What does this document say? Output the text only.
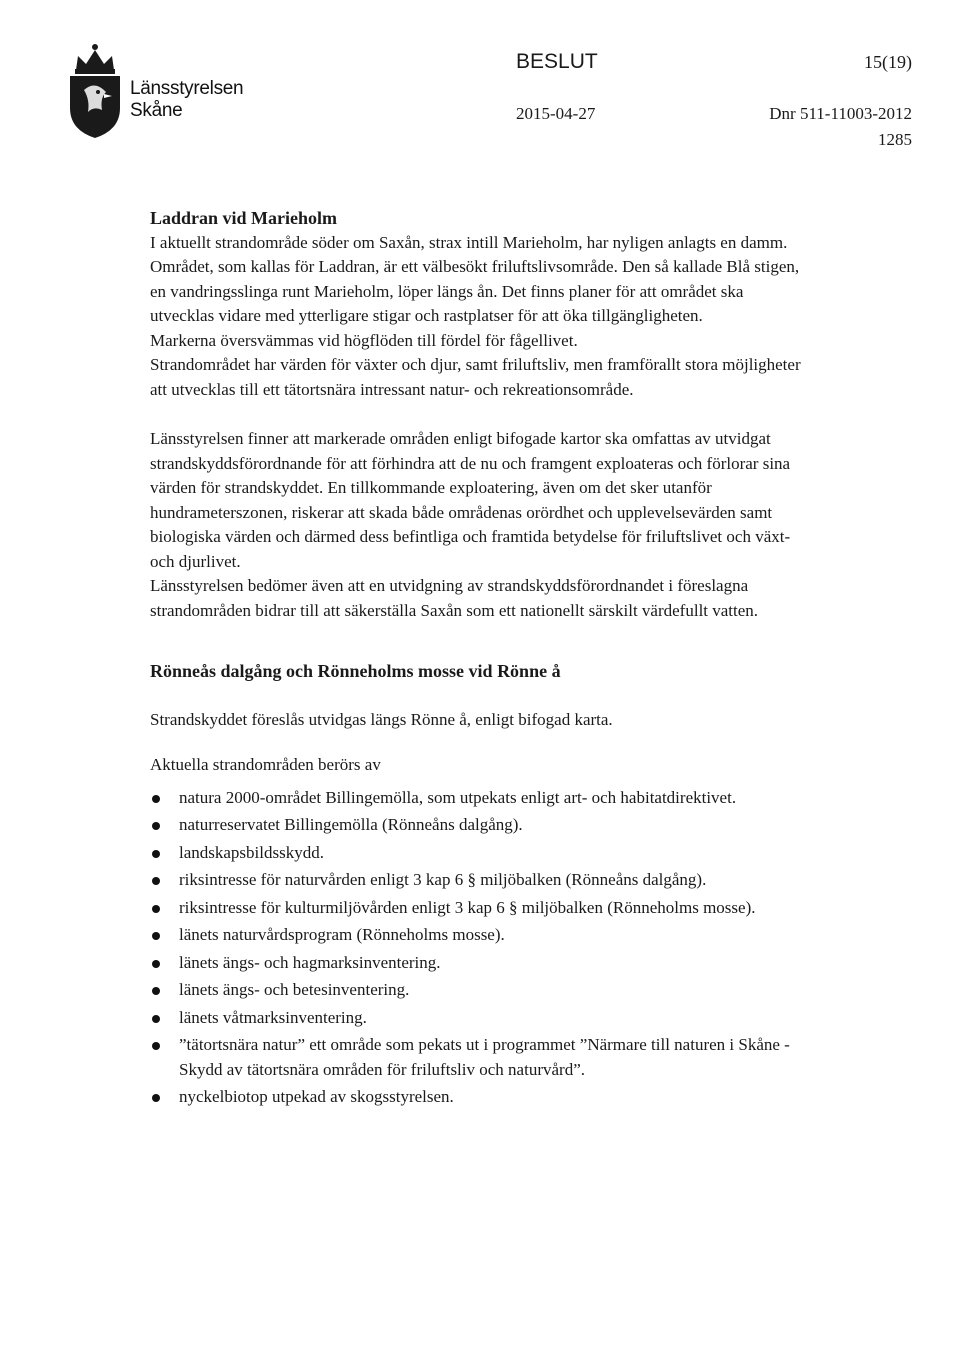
Länsstyrelsen
Skåne
BESLUT	15(19)
2015-04-27	Dnr 511-11003-2012
1285

Laddran vid Marieholm

I aktuellt strandområde söder om Saxån, strax intill Marieholm, har nyligen anlagts en damm. Området, som kallas för Laddran, är ett välbesökt friluftslivsområde. Den så kallade Blå stigen, en vandringsslinga runt Marieholm, löper längs ån. Det finns planer för att området ska utvecklas vidare med ytterligare stigar och rastplatser för att öka tillgängligheten.

Markerna översvämmas vid högflöden till fördel för fågellivet.

Strandområdet har värden för växter och djur, samt friluftsliv, men framförallt stora möjligheter att utvecklas till ett tätortsnära intressant natur- och rekreationsområde.

Länsstyrelsen finner att markerade områden enligt bifogade kartor ska omfattas av utvidgat strandskyddsförordnande för att förhindra att de nu och framgent exploateras och förlorar sina värden för strandskyddet. En tillkommande exploatering, även om det sker utanför hundrameterszonen, riskerar att skada både områdenas orördhet och upplevelsevärden samt biologiska värden och därmed dess befintliga och framtida betydelse för friluftslivet och växt- och djurlivet.

Länsstyrelsen bedömer även att en utvidgning av strandskyddsförordnandet i föreslagna strandområden bidrar till att säkerställa Saxån som ett nationellt särskilt värdefullt vatten.

Rönneås dalgång och Rönneholms mosse vid Rönne å

Strandskyddet föreslås utvidgas längs Rönne å, enligt bifogad karta.

Aktuella strandområden berörs av

natura 2000-området Billingemölla, som utpekats enligt art- och habitatdirektivet.
naturreservatet Billingemölla (Rönneåns dalgång).
landskapsbildsskydd.
riksintresse för naturvården enligt 3 kap 6 § miljöbalken (Rönneåns dalgång).
riksintresse för kulturmiljövården enligt 3 kap 6 § miljöbalken (Rönneholms mosse).
länets naturvårdsprogram (Rönneholms mosse).
länets ängs- och hagmarksinventering.
länets ängs- och betesinventering.
länets våtmarksinventering.
”tätortsnära natur” ett område som pekats ut i programmet ”Närmare till naturen i Skåne - Skydd av tätortsnära områden för friluftsliv och naturvård”.
nyckelbiotop utpekad av skogsstyrelsen.
